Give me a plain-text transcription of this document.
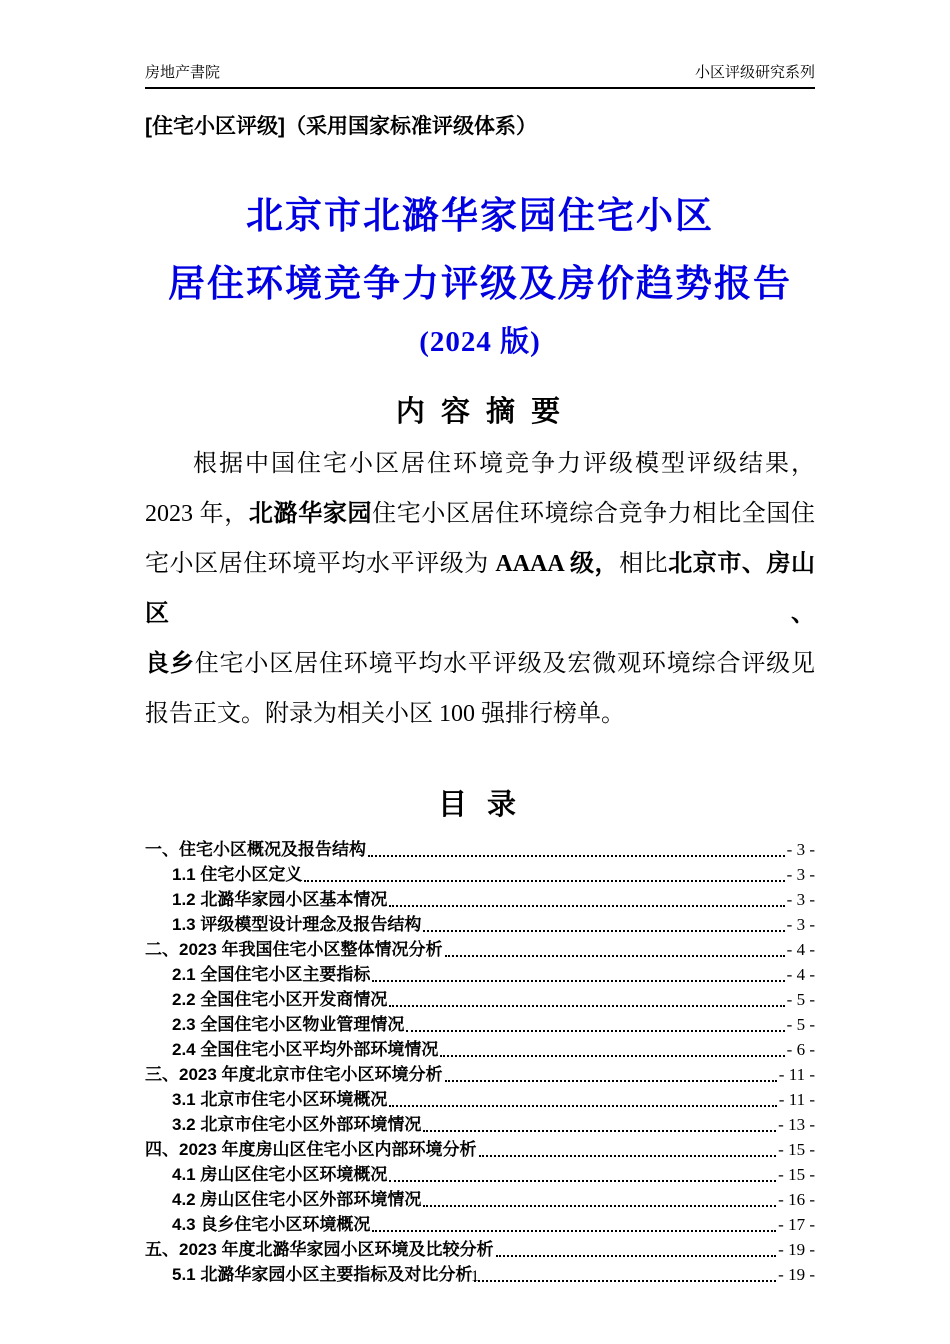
房地产書院	小区评级研究系列
[住宅小区评级]（采用国家标准评级体系）
北京市北潞华家园住宅小区
居住环境竞争力评级及房价趋势报告
(2024 版)
内 容 摘 要
根据中国住宅小区居住环境竞争力评级模型评级结果，
2023 年，北潞华家园住宅小区居住环境综合竞争力相比全国住
宅小区居住环境平均水平评级为 AAAA 级，相比北京市、房山区、
良乡住宅小区居住环境平均水平评级及宏微观环境综合评级见
报告正文。附录为相关小区 100 强排行榜单。
目 录
一、住宅小区概况及报告结构	- 3 -
1.1 住宅小区定义	- 3 -
1.2 北潞华家园小区基本情况	- 3 -
1.3 评级模型设计理念及报告结构	- 3 -
二、2023 年我国住宅小区整体情况分析	- 4 -
2.1 全国住宅小区主要指标	- 4 -
2.2 全国住宅小区开发商情况	- 5 -
2.3 全国住宅小区物业管理情况	- 5 -
2.4 全国住宅小区平均外部环境情况	- 6 -
三、2023 年度北京市住宅小区环境分析	- 11 -
3.1 北京市住宅小区环境概况	- 11 -
3.2 北京市住宅小区外部环境情况	- 13 -
四、2023 年度房山区住宅小区内部环境分析	- 15 -
4.1 房山区住宅小区环境概况	- 15 -
4.2 房山区住宅小区外部环境情况	- 16 -
4.3 良乡住宅小区环境概况	- 17 -
五、2023 年度北潞华家园小区环境及比较分析	- 19 -
5.1 北潞华家园小区主要指标及对比分析	- 19 -
1
